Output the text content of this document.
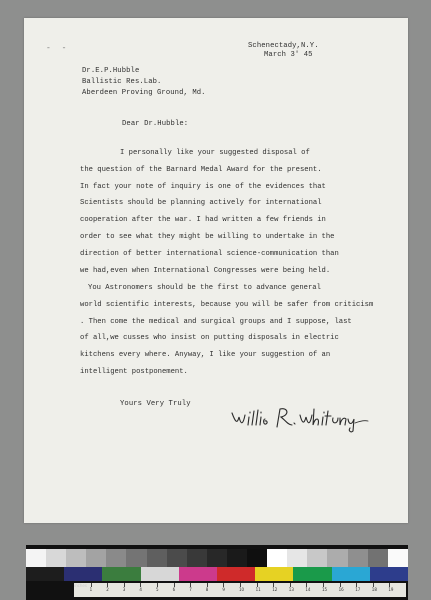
- -	Schenectady,N.Y.
March 3' 45
Dr.E.P.Hubble
Ballistic Res.Lab.
Aberdeen Proving Ground, Md.
Dear Dr.Hubble:
I personally like your suggested disposal of
the question of the Barnard Medal Award for the present.
In fact your note of inquiry is one of the evidences that
Scientists should be planning actively for international
cooperation after the war. I had written a few friends in
order to see what they might be willing to undertake in the
direction of better international science-communication than
we had,even when International Congresses were being held.
You Astronomers should be the first to advance general
world scientific interests, because you will be safer from criticism
. Then come the medical and surgical groups and I suppose, last
of all,we cusses who insist on putting disposals in electric
kitchens every where. Anyway, I like your suggestion of an
intelligent postponement.
Yours Very Truly
1	2	3	4	5	6	7	8	9	10	11	12	13	14	15	16	17	18	19
inches
